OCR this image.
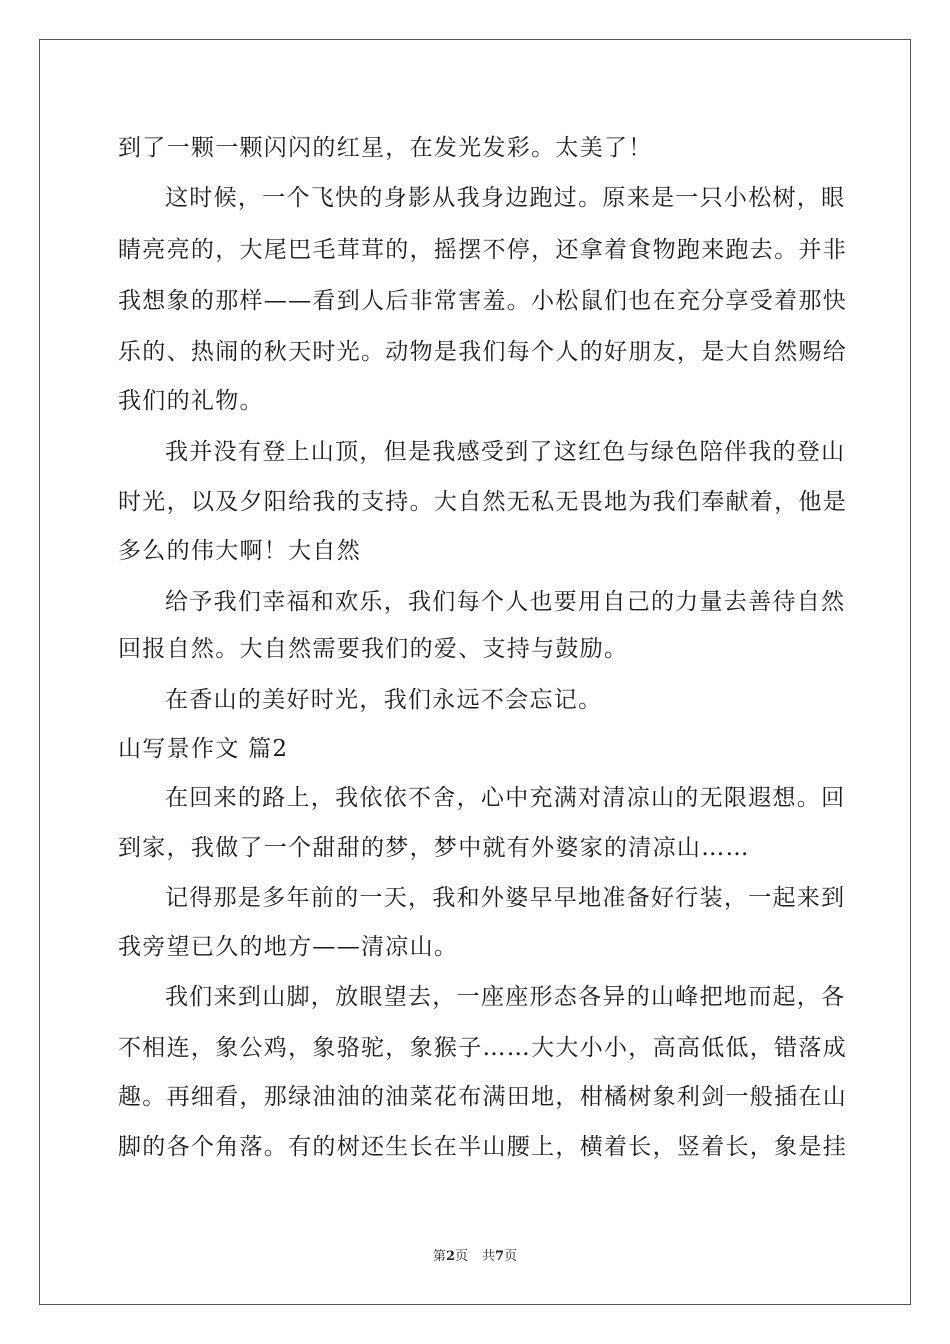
到了一颗一颗闪闪的红星，在发光发彩。太美了！
这时候，一个飞快的身影从我身边跑过。原来是一只小松树，眼
睛亮亮的，大尾巴毛茸茸的，摇摆不停，还拿着食物跑来跑去。并非
我想象的那样——看到人后非常害羞。小松鼠们也在充分享受着那快
乐的、热闹的秋天时光。动物是我们每个人的好朋友，是大自然赐给
我们的礼物。
我并没有登上山顶，但是我感受到了这红色与绿色陪伴我的登山
时光，以及夕阳给我的支持。大自然无私无畏地为我们奉献着，他是
多么的伟大啊！大自然
给予我们幸福和欢乐，我们每个人也要用自己的力量去善待自然
回报自然。大自然需要我们的爱、支持与鼓励。
在香山的美好时光，我们永远不会忘记。
山写景作文 篇2
在回来的路上，我依依不舍，心中充满对清凉山的无限遐想。回
到家，我做了一个甜甜的梦，梦中就有外婆家的清凉山……
记得那是多年前的一天，我和外婆早早地准备好行装，一起来到
我旁望已久的地方——清凉山。
我们来到山脚，放眼望去，一座座形态各异的山峰把地而起，各
不相连，象公鸡，象骆驼，象猴子……大大小小，高高低低，错落成
趣。再细看，那绿油油的油菜花布满田地，柑橘树象利剑一般插在山
脚的各个角落。有的树还生长在半山腰上，横着长，竖着长，象是挂
第2页 共7页
